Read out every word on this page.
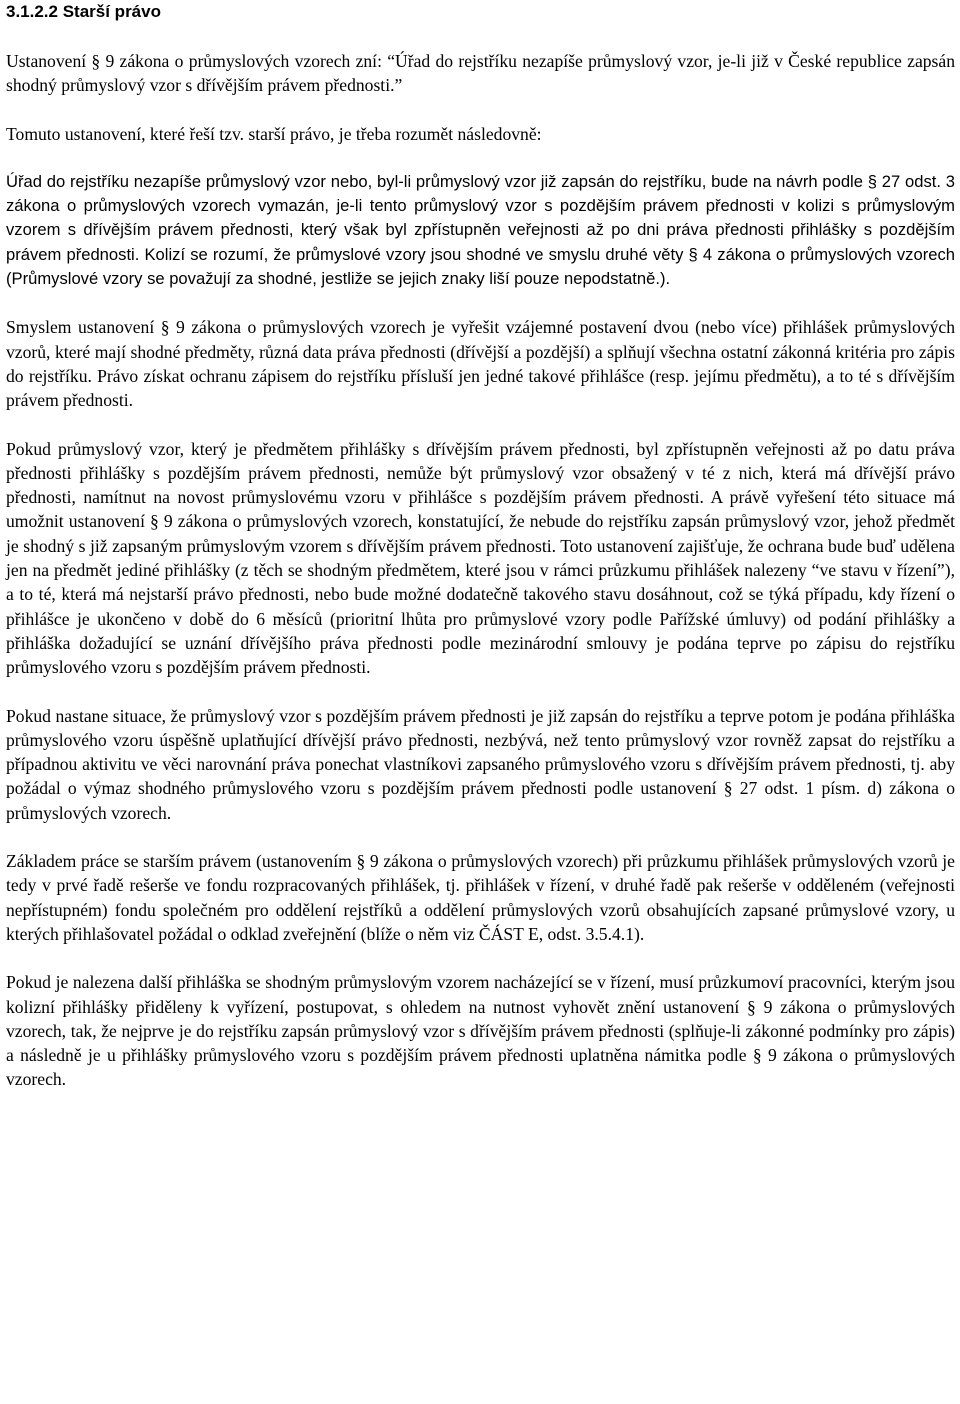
3.1.2.2 Starší právo

Ustanovení § 9 zákona o průmyslových vzorech zní: “Úřad do rejstříku nezapíše průmyslový vzor, je-li již v České republice zapsán shodný průmyslový vzor s dřívějším právem přednosti.”

Tomuto ustanovení, které řeší tzv. starší právo, je třeba rozumět následovně:

Úřad do rejstříku nezapíše průmyslový vzor nebo, byl-li průmyslový vzor již zapsán do rejstříku, bude na návrh podle § 27 odst. 3 zákona o průmyslových vzorech vymazán, je-li tento průmyslový vzor s pozdějším právem přednosti v kolizi s průmyslovým vzorem s dřívějším právem přednosti, který však byl zpřístupněn veřejnosti až po dni práva přednosti přihlášky s pozdějším právem přednosti. Kolizí se rozumí, že průmyslové vzory jsou shodné ve smyslu druhé věty § 4 zákona o průmyslových vzorech (Průmyslové vzory se považují za shodné, jestliže se jejich znaky liší pouze nepodstatně.).

Smyslem ustanovení § 9 zákona o průmyslových vzorech je vyřešit vzájemné postavení dvou (nebo více) přihlášek průmyslových vzorů, které mají shodné předměty, různá data práva přednosti (dřívější a pozdější) a splňují všechna ostatní zákonná kritéria pro zápis do rejstříku. Právo získat ochranu zápisem do rejstříku přísluší jen jedné takové přihlášce (resp. jejímu předmětu), a to té s dřívějším právem přednosti.

Pokud průmyslový vzor, který je předmětem přihlášky s dřívějším právem přednosti, byl zpřístupněn veřejnosti až po datu práva přednosti přihlášky s pozdějším právem přednosti, nemůže být průmyslový vzor obsažený v té z nich, která má dřívější právo přednosti, namítnut na novost průmyslovému vzoru v přihlášce s pozdějším právem přednosti. A právě vyřešení této situace má umožnit ustanovení § 9 zákona o průmyslových vzorech, konstatující, že nebude do rejstříku zapsán průmyslový vzor, jehož předmět je shodný s již zapsaným průmyslovým vzorem s dřívějším právem přednosti. Toto ustanovení zajišťuje, že ochrana bude buď udělena jen na předmět jediné přihlášky (z těch se shodným předmětem, které jsou v rámci průzkumu přihlášek nalezeny “ve stavu v řízení”), a to té, která má nejstarší právo přednosti, nebo bude možné dodatečně takového stavu dosáhnout, což se týká případu, kdy řízení o přihlášce je ukončeno v době do 6 měsíců (prioritní lhůta pro průmyslové vzory podle Pařížské úmluvy) od podání přihlášky a přihláška dožadující se uznání dřívějšího práva přednosti podle mezinárodní smlouvy je podána teprve po zápisu do rejstříku průmyslového vzoru s pozdějším právem přednosti.

Pokud nastane situace, že průmyslový vzor s pozdějším právem přednosti je již zapsán do rejstříku a teprve potom je podána přihláška průmyslového vzoru úspěšně uplatňující dřívější právo přednosti, nezbývá, než tento průmyslový vzor rovněž zapsat do rejstříku a případnou aktivitu ve věci narovnání práva ponechat vlastníkovi zapsaného průmyslového vzoru s dřívějším právem přednosti, tj. aby požádal o výmaz shodného průmyslového vzoru s pozdějším právem přednosti podle ustanovení § 27 odst. 1 písm. d) zákona o průmyslových vzorech.

Základem práce se starším právem (ustanovením § 9 zákona o průmyslových vzorech) při průzkumu přihlášek průmyslových vzorů je tedy v prvé řadě rešerše ve fondu rozpracovaných přihlášek, tj. přihlášek v řízení, v druhé řadě pak rešerše v odděleném (veřejnosti nepřístupném) fondu společném pro oddělení rejstříků a oddělení průmyslových vzorů obsahujících zapsané průmyslové vzory, u kterých přihlašovatel požádal o odklad zveřejnění (blíže o něm viz ČÁST E, odst. 3.5.4.1).

Pokud je nalezena další přihláška se shodným průmyslovým vzorem nacházející se v řízení, musí průzkumoví pracovníci, kterým jsou kolizní přihlášky přiděleny k vyřízení, postupovat, s ohledem na nutnost vyhovět znění ustanovení § 9 zákona o průmyslových vzorech, tak, že nejprve je do rejstříku zapsán průmyslový vzor s dřívějším právem přednosti (splňuje-li zákonné podmínky pro zápis) a následně je u přihlášky průmyslového vzoru s pozdějším právem přednosti uplatněna námitka podle § 9 zákona o průmyslových vzorech.
